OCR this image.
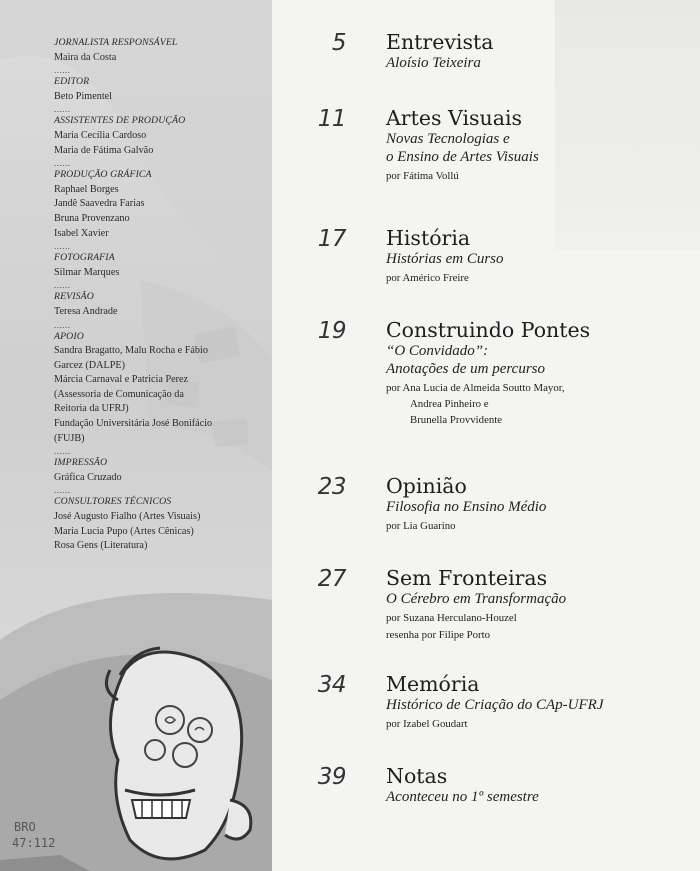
BRO
47:112
JORNALISTA RESPONSÁVEL
Maira da Costa
......
EDITOR
Beto Pimentel
......
ASSISTENTES DE PRODUÇÃO
Maria Cecília Cardoso
Maria de Fátima Galvão
......
PRODUÇÃO GRÁFICA
Raphael Borges
Jandê Saavedra Farias
Bruna Provenzano
Isabel Xavier
......
FOTOGRAFIA
Silmar Marques
......
REVISÃO
Teresa Andrade
......
APOIO
Sandra Bragatto, Malu Rocha e Fábio
Garcez (DALPE)
Márcia Carnaval e Patricia Perez
(Assessoria de Comunicação da
Reitoria da UFRJ)
Fundação Universitária José Bonifácio
(FUJB)
......
IMPRESSÃO
Gráfica Cruzado
......
CONSULTORES TÉCNICOS
José Augusto Fialho (Artes Visuais)
Maria Lucia Pupo (Artes Cênicas)
Rosa Gens (Literatura)
5 Entrevista
Aloísio Teixeira
11 Artes Visuais
Novas Tecnologias e
o Ensino de Artes Visuais
por Fátima Vollú
17 História
Histórias em Curso
por Américo Freire
19 Construindo Pontes
“O Convidado”:
Anotações de um percurso
por Ana Lucia de Almeida Soutto Mayor,
Andrea Pinheiro e
Brunella Provvidente
23 Opinião
Filosofia no Ensino Médio
por Lia Guarino
27 Sem Fronteiras
O Cérebro em Transformação
por Suzana Herculano-Houzel
resenha por Filipe Porto
34 Memória
Histórico de Criação do CAp-UFRJ
por Izabel Goudart
39 Notas
Aconteceu no 1º semestre
